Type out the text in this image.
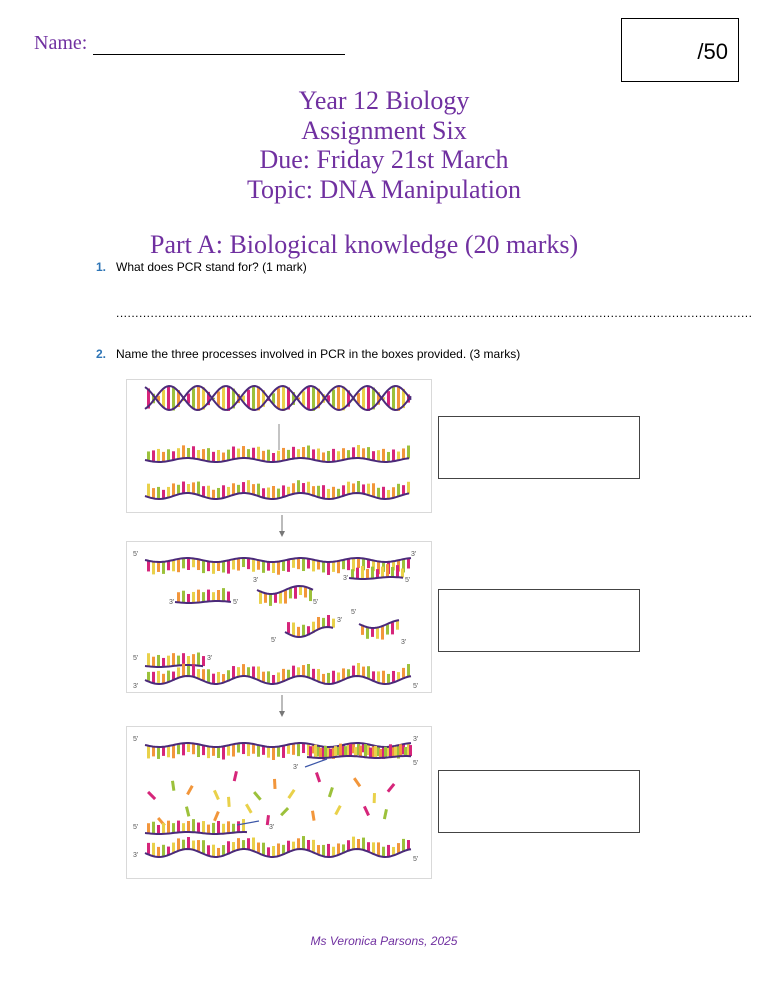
Name:	/50
Year 12 Biology
Assignment Six
Due: Friday 21st March
Topic: DNA Manipulation
Part A: Biological knowledge (20 marks)
1. What does PCR stand for? (1 mark)
......................................................................................................................................................................
2. Name the three processes involved in PCR in the boxes provided. (3 marks)
5'	3'
3'	5'
3'
5'
3'	5'
5'
3'
5'
3'
5'	3'
3'	5'
5'	3'
5'
3'
5'	3'
3'
5'
Ms Veronica Parsons, 2025
